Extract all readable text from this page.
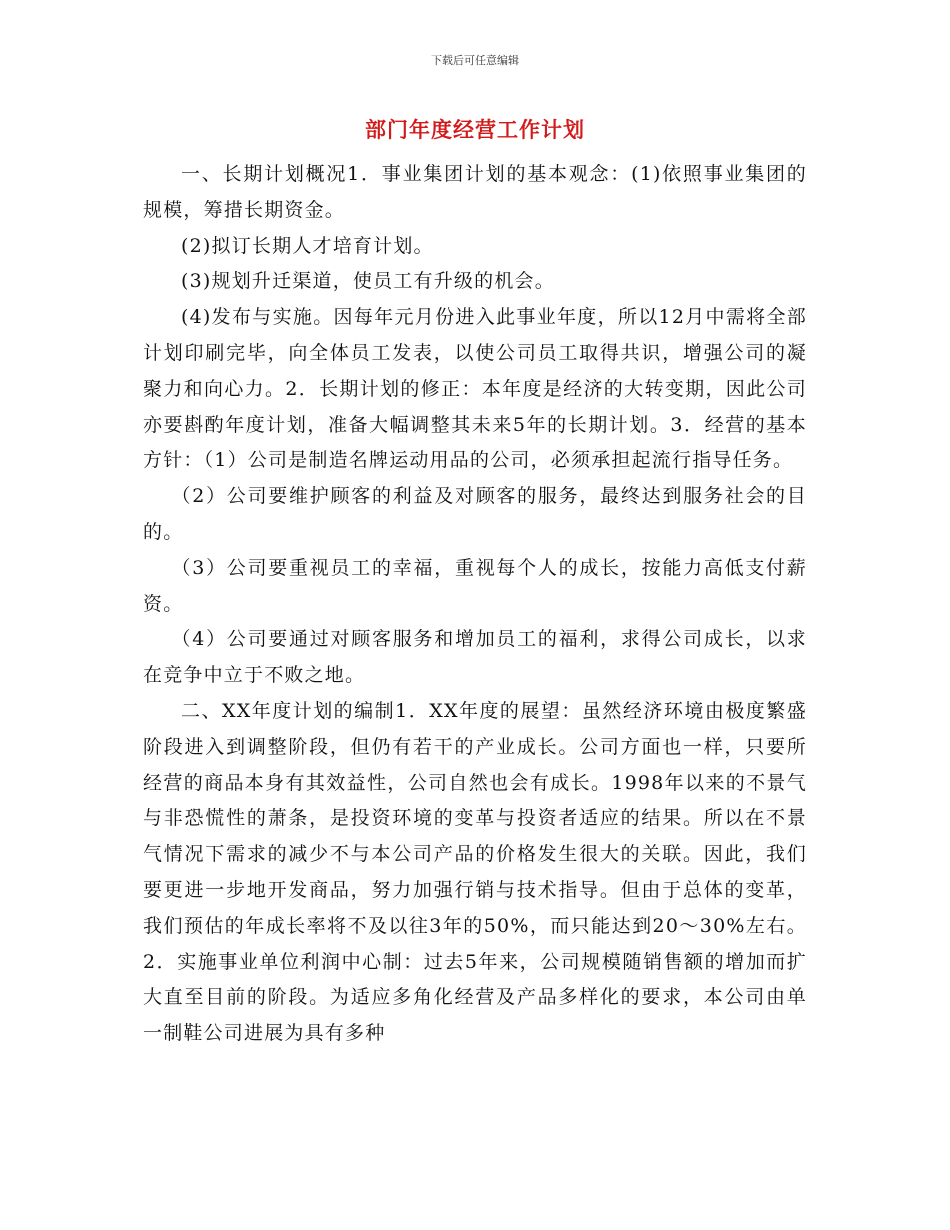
下载后可任意编辑
部门年度经营工作计划

一、长期计划概况1．事业集团计划的基本观念：(1)依照事业集团的规模，筹措长期资金。

(2)拟订长期人才培育计划。

(3)规划升迁渠道，使员工有升级的机会。

(4)发布与实施。因每年元月份进入此事业年度，所以12月中需将全部计划印刷完毕，向全体员工发表，以使公司员工取得共识，增强公司的凝聚力和向心力。2．长期计划的修正：本年度是经济的大转变期，因此公司亦要斟酌年度计划，准备大幅调整其未来5年的长期计划。3．经营的基本方针：（1）公司是制造名牌运动用品的公司，必须承担起流行指导任务。

（2）公司要维护顾客的利益及对顾客的服务，最终达到服务社会的目的。

（3）公司要重视员工的幸福，重视每个人的成长，按能力高低支付薪资。

（4）公司要通过对顾客服务和增加员工的福利，求得公司成长，以求在竞争中立于不败之地。

二、XX年度计划的编制1．XX年度的展望：虽然经济环境由极度繁盛阶段进入到调整阶段，但仍有若干的产业成长。公司方面也一样，只要所经营的商品本身有其效益性，公司自然也会有成长。1998年以来的不景气与非恐慌性的萧条，是投资环境的变革与投资者适应的结果。所以在不景气情况下需求的减少不与本公司产品的价格发生很大的关联。因此，我们要更进一步地开发商品，努力加强行销与技术指导。但由于总体的变革，我们预估的年成长率将不及以往3年的50%，而只能达到20～30%左右。2．实施事业单位利润中心制：过去5年来，公司规模随销售额的增加而扩大直至目前的阶段。为适应多角化经营及产品多样化的要求，本公司由单一制鞋公司进展为具有多种
